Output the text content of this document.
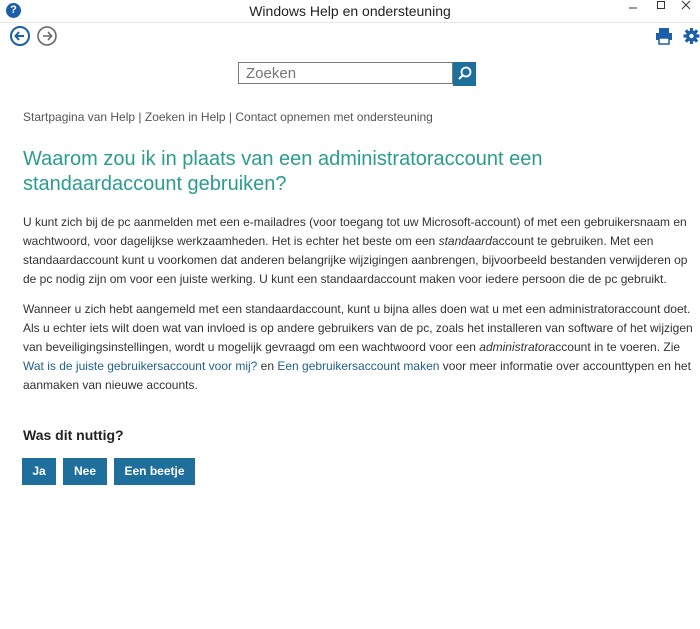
?	Windows Help en ondersteuning
Zoeken
Startpagina van Help | Zoeken in Help | Contact opnemen met ondersteuning
Waarom zou ik in plaats van een administratoraccount een standaardaccount gebruiken?

U kunt zich bij de pc aanmelden met een e-mailadres (voor toegang tot uw Microsoft-account) of met een gebruikersnaam en wachtwoord, voor dagelijkse werkzaamheden. Het is echter het beste om een standaardaccount te gebruiken. Met een standaardaccount kunt u voorkomen dat anderen belangrijke wijzigingen aanbrengen, bijvoorbeeld bestanden verwijderen op de pc nodig zijn om voor een juiste werking. U kunt een standaardaccount maken voor iedere persoon die de pc gebruikt.

Wanneer u zich hebt aangemeld met een standaardaccount, kunt u bijna alles doen wat u met een administratoraccount doet. Als u echter iets wilt doen wat van invloed is op andere gebruikers van de pc, zoals het installeren van software of het wijzigen van beveiligingsinstellingen, wordt u mogelijk gevraagd om een wachtwoord voor een administratoraccount in te voeren. Zie Wat is de juiste gebruikersaccount voor mij? en Een gebruikersaccount maken voor meer informatie over accounttypen en het aanmaken van nieuwe accounts.

Was dit nuttig?
Ja	Nee	Een beetje
